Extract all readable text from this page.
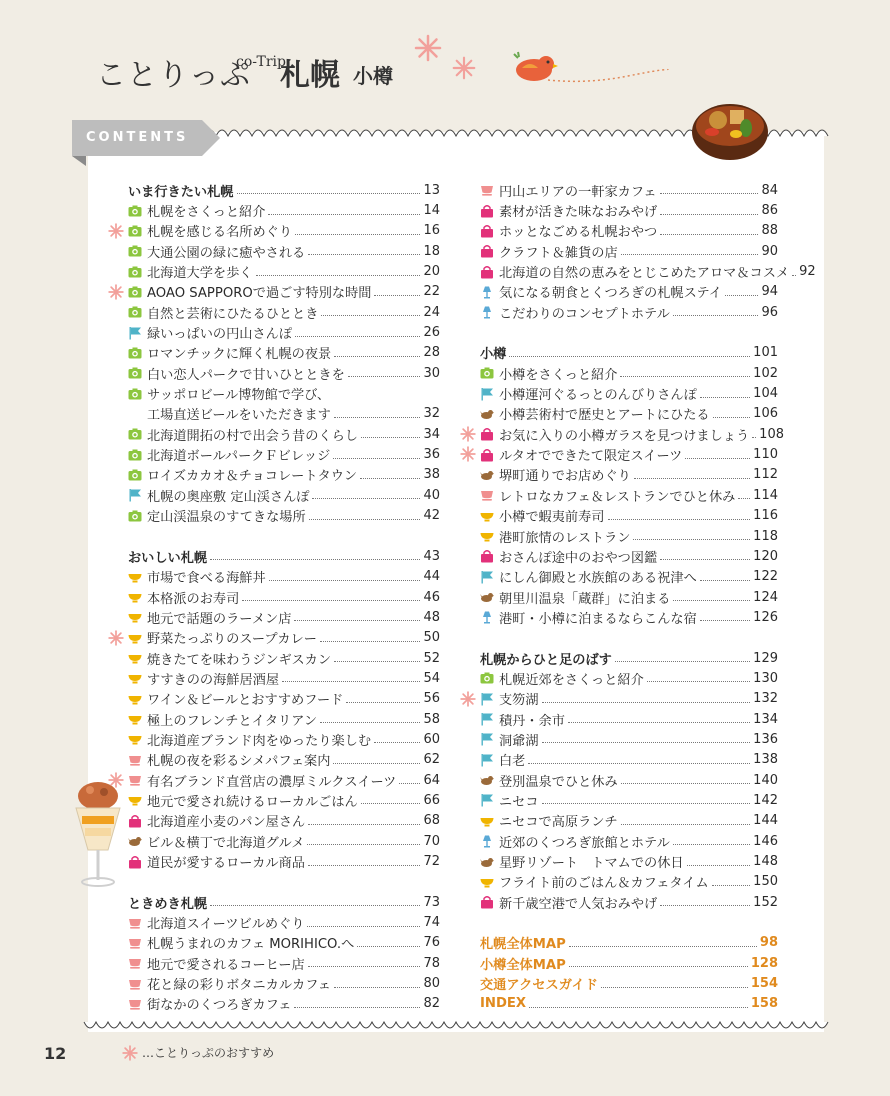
ことりっぷ
co-Trip
札幌 小樽
CONTENTS
いま行きたい札幌	13
札幌をさくっと紹介	14
札幌を感じる名所めぐり	16
大通公園の緑に癒やされる	18
北海道大学を歩く	20
AOAO SAPPOROで過ごす特別な時間	22
自然と芸術にひたるひととき	24
緑いっぱいの円山さんぽ	26
ロマンチックに輝く札幌の夜景	28
白い恋人パークで甘いひとときを	30
サッポロビール博物館で学び、
工場直送ビールをいただきます	32
北海道開拓の村で出会う昔のくらし	34
北海道ボールパークＦビレッジ	36
ロイズカカオ＆チョコレートタウン	38
札幌の奥座敷 定山渓さんぽ	40
定山渓温泉のすてきな場所	42
おいしい札幌	43
市場で食べる海鮮丼	44
本格派のお寿司	46
地元で話題のラーメン店	48
野菜たっぷりのスープカレー	50
焼きたてを味わうジンギスカン	52
すすきのの海鮮居酒屋	54
ワイン＆ビールとおすすめフード	56
極上のフレンチとイタリアン	58
北海道産ブランド肉をゆったり楽しむ	60
札幌の夜を彩るシメパフェ案内	62
有名ブランド直営店の濃厚ミルクスイーツ 64
地元で愛され続けるローカルごはん	66
北海道産小麦のパン屋さん	68
ビル＆横丁で北海道グルメ	70
道民が愛するローカル商品	72
ときめき札幌	73
北海道スイーツビルめぐり	74
札幌うまれのカフェ MORIHICO.へ	76
地元で愛されるコーヒー店	78
花と緑の彩りボタニカルカフェ	80
街なかのくつろぎカフェ	82
円山エリアの一軒家カフェ	84
素材が活きた味なおみやげ	86
ホッとなごめる札幌おやつ	88
クラフト＆雑貨の店	90
北海道の自然の恵みをとじこめたアロマ＆コスメ 92
気になる朝食とくつろぎの札幌ステイ	94
こだわりのコンセプトホテル	96
小樽	101
小樽をさくっと紹介	102
小樽運河ぐるっとのんびりさんぽ	104
小樽芸術村で歴史とアートにひたる	106
お気に入りの小樽ガラスを見つけましょう 108
ルタオでできたて限定スイーツ	110
堺町通りでお店めぐり	112
レトロなカフェ＆レストランでひと休み 114
小樽で蝦夷前寿司	116
港町旅情のレストラン	118
おさんぽ途中のおやつ図鑑	120
にしん御殿と水族館のある祝津へ	122
朝里川温泉「蔵群」に泊まる	124
港町・小樽に泊まるならこんな宿	126
札幌からひと足のばす	129
札幌近郊をさくっと紹介	130
支笏湖	132
積丹・余市	134
洞爺湖	136
白老	138
登別温泉でひと休み	140
ニセコ	142
ニセコで高原ランチ	144
近郊のくつろぎ旅館とホテル	146
星野リゾート　トマムでの休日	148
フライト前のごはん＆カフェタイム	150
新千歳空港で人気おみやげ	152
札幌全体MAP	98
小樽全体MAP	128
交通アクセスガイド	154
INDEX	158
12	…ことりっぷのおすすめ
